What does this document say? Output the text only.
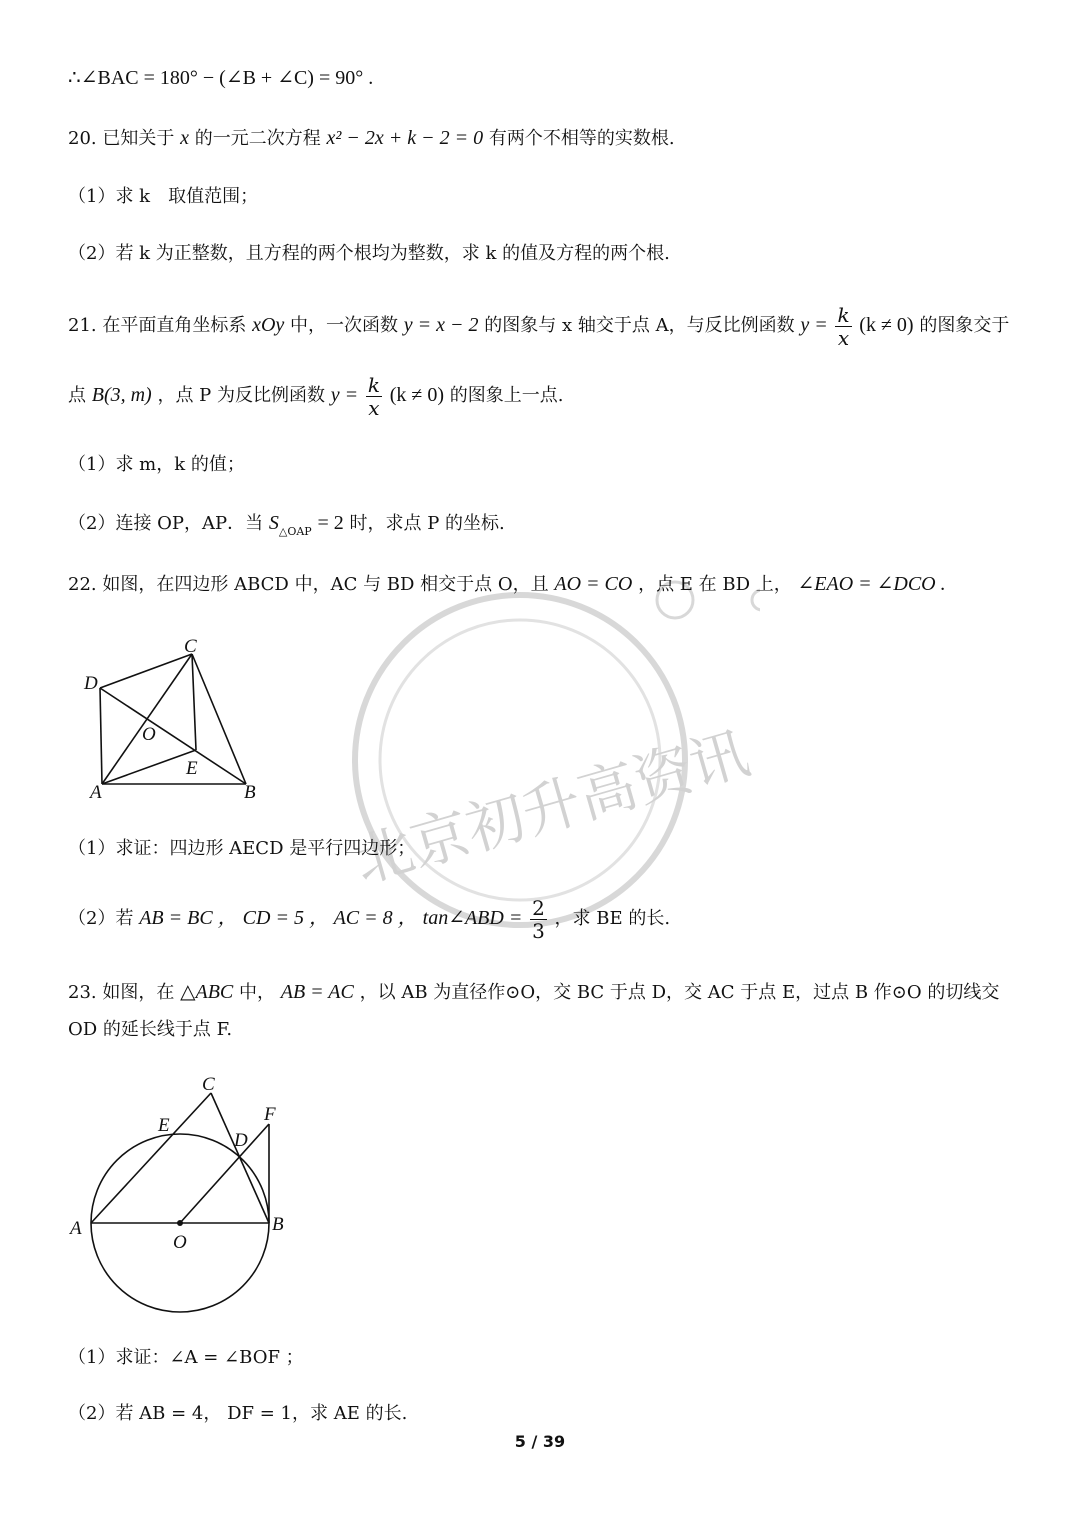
北京初升高资讯
∴∠BAC = 180° − (∠B + ∠C) = 90° .
20. 已知关于 x 的一元二次方程 x² − 2x + k − 2 = 0 有两个不相等的实数根.
（1）求 k　取值范围；
（2）若 k 为正整数，且方程的两个根均为整数，求 k 的值及方程的两个根.
21. 在平面直角坐标系 xOy 中，一次函数 y = x − 2 的图象与 x 轴交于点 A，与反比例函数 $y = \frac{k}{x} (k \ne 0)$ 的图象交于
点 B(3, m) ，点 P 为反比例函数 $y = \frac{k}{x} (k \ne 0)$ 的图象上一点.
（1）求 m，k 的值；
（2）连接 OP，AP．当 $S_{\triangle OAP} = 2$ 时，求点 P 的坐标.
22. 如图，在四边形 ABCD 中，AC 与 BD 相交于点 O，且 AO = CO ，点 E 在 BD 上， ∠EAO = ∠DCO .
C
D
O
E
A	B
（1）求证：四边形 AECD 是平行四边形；
（2）若 AB = BC ， CD = 5 ， AC = 8 ， tan∠ABD = $\frac{2}{3}$ ，求 BE 的长.
23. 如图，在 △ABC 中， AB = AC ，以 AB 为直径作⊙O，交 BC 于点 D，交 AC 于点 E，过点 B 作⊙O 的切线交
OD 的延长线于点 F.
C
F
E
D
A
O
B
（1）求证：∠A = ∠BOF ；
（2）若 AB = 4， DF = 1，求 AE 的长.
5 / 39
